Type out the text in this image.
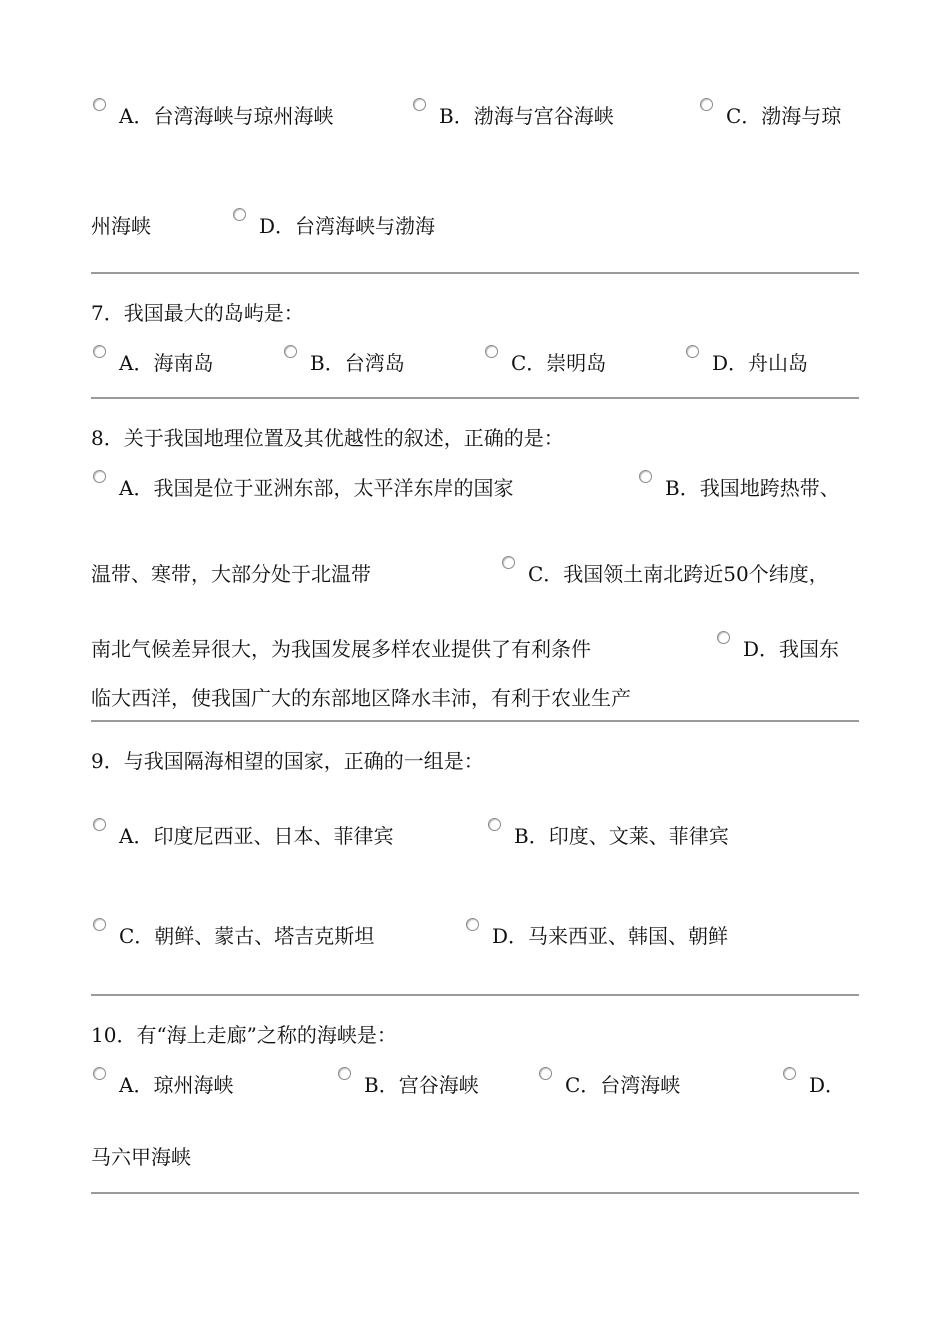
A．台湾海峡与琼州海峡	B．渤海与宫谷海峡	C．渤海与琼
州海峡	D．台湾海峡与渤海
7．我国最大的岛屿是：
A．海南岛	B．台湾岛	C．崇明岛	D．舟山岛
8．关于我国地理位置及其优越性的叙述，正确的是：
A．我国是位于亚洲东部，太平洋东岸的国家	B．我国地跨热带、
温带、寒带，大部分处于北温带	C．我国领土南北跨近50个纬度，
南北气候差异很大，为我国发展多样农业提供了有利条件	D．我国东
临大西洋，使我国广大的东部地区降水丰沛，有利于农业生产
9．与我国隔海相望的国家，正确的一组是：
A．印度尼西亚、日本、菲律宾	B．印度、文莱、菲律宾
C．朝鲜、蒙古、塔吉克斯坦	D．马来西亚、韩国、朝鲜
10．有“海上走廊”之称的海峡是：
A．琼州海峡	B．宫谷海峡	C．台湾海峡	D．
马六甲海峡
